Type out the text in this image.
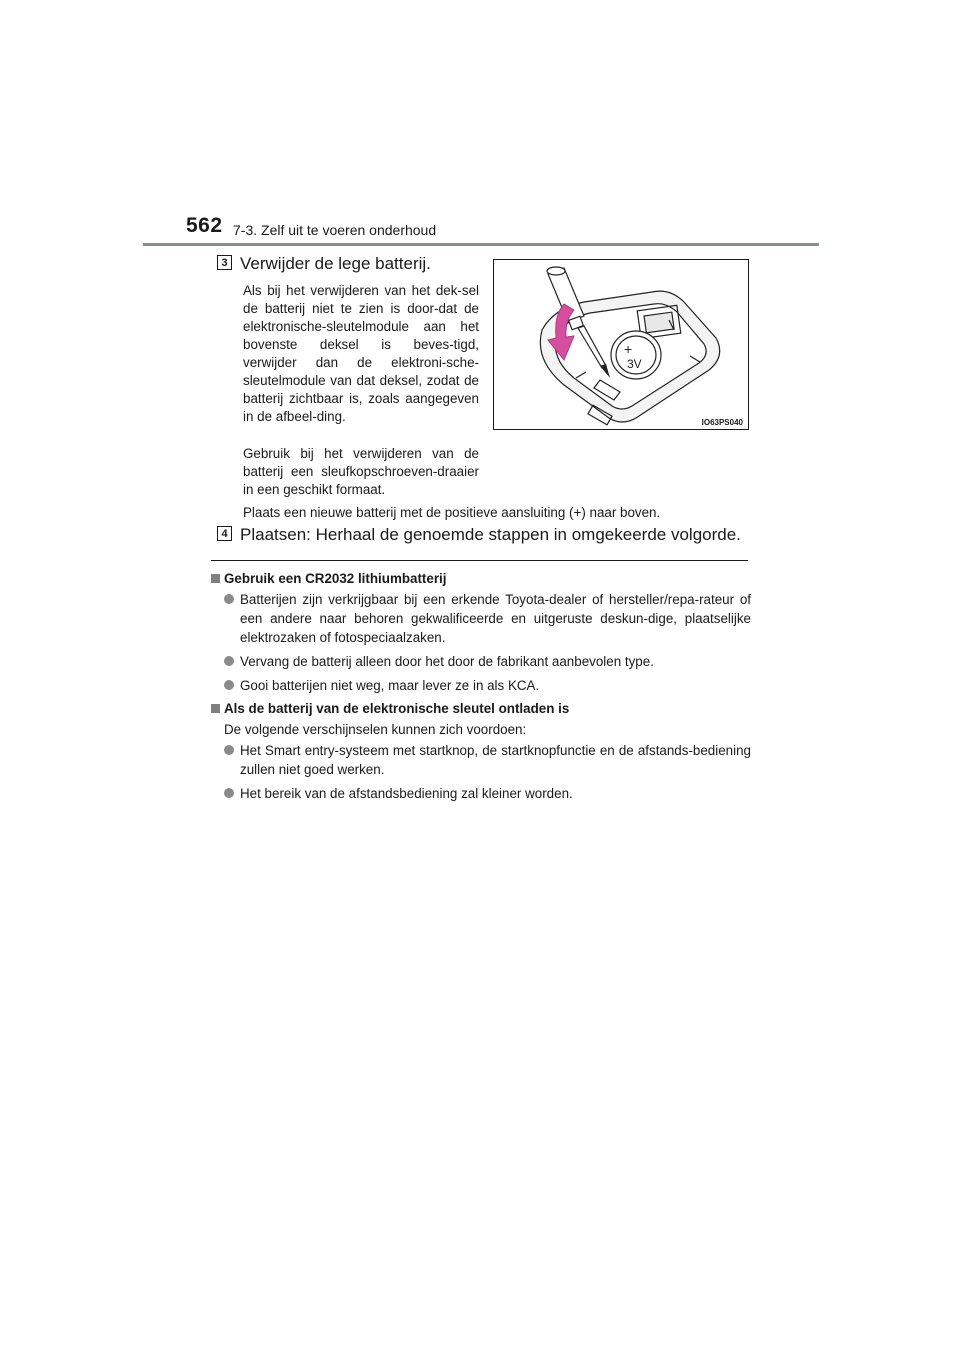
562 7-3. Zelf uit te voeren onderhoud
3 Verwijder de lege batterij.
Als bij het verwijderen van het dek-sel de batterij niet te zien is door-dat de elektronische-sleutelmodule aan het bovenste deksel is beves-tigd, verwijder dan de elektroni-sche-sleutelmodule van dat deksel, zodat de batterij zichtbaar is, zoals aangegeven in de afbeel-ding.
Gebruik bij het verwijderen van de batterij een sleufkopschroeven-draaier in een geschikt formaat.
Plaats een nieuwe batterij met de positieve aansluiting (+) naar boven.
+
3V
IO63PS040
4 Plaatsen: Herhaal de genoemde stappen in omgekeerde volgorde.
Gebruik een CR2032 lithiumbatterij
Batterijen zijn verkrijgbaar bij een erkende Toyota-dealer of hersteller/repa-rateur of een andere naar behoren gekwalificeerde en uitgeruste deskun-dige, plaatselijke elektrozaken of fotospeciaalzaken.
Vervang de batterij alleen door het door de fabrikant aanbevolen type.
Gooi batterijen niet weg, maar lever ze in als KCA.
Als de batterij van de elektronische sleutel ontladen is
De volgende verschijnselen kunnen zich voordoen:
Het Smart entry-systeem met startknop, de startknopfunctie en de afstands-bediening zullen niet goed werken.
Het bereik van de afstandsbediening zal kleiner worden.
